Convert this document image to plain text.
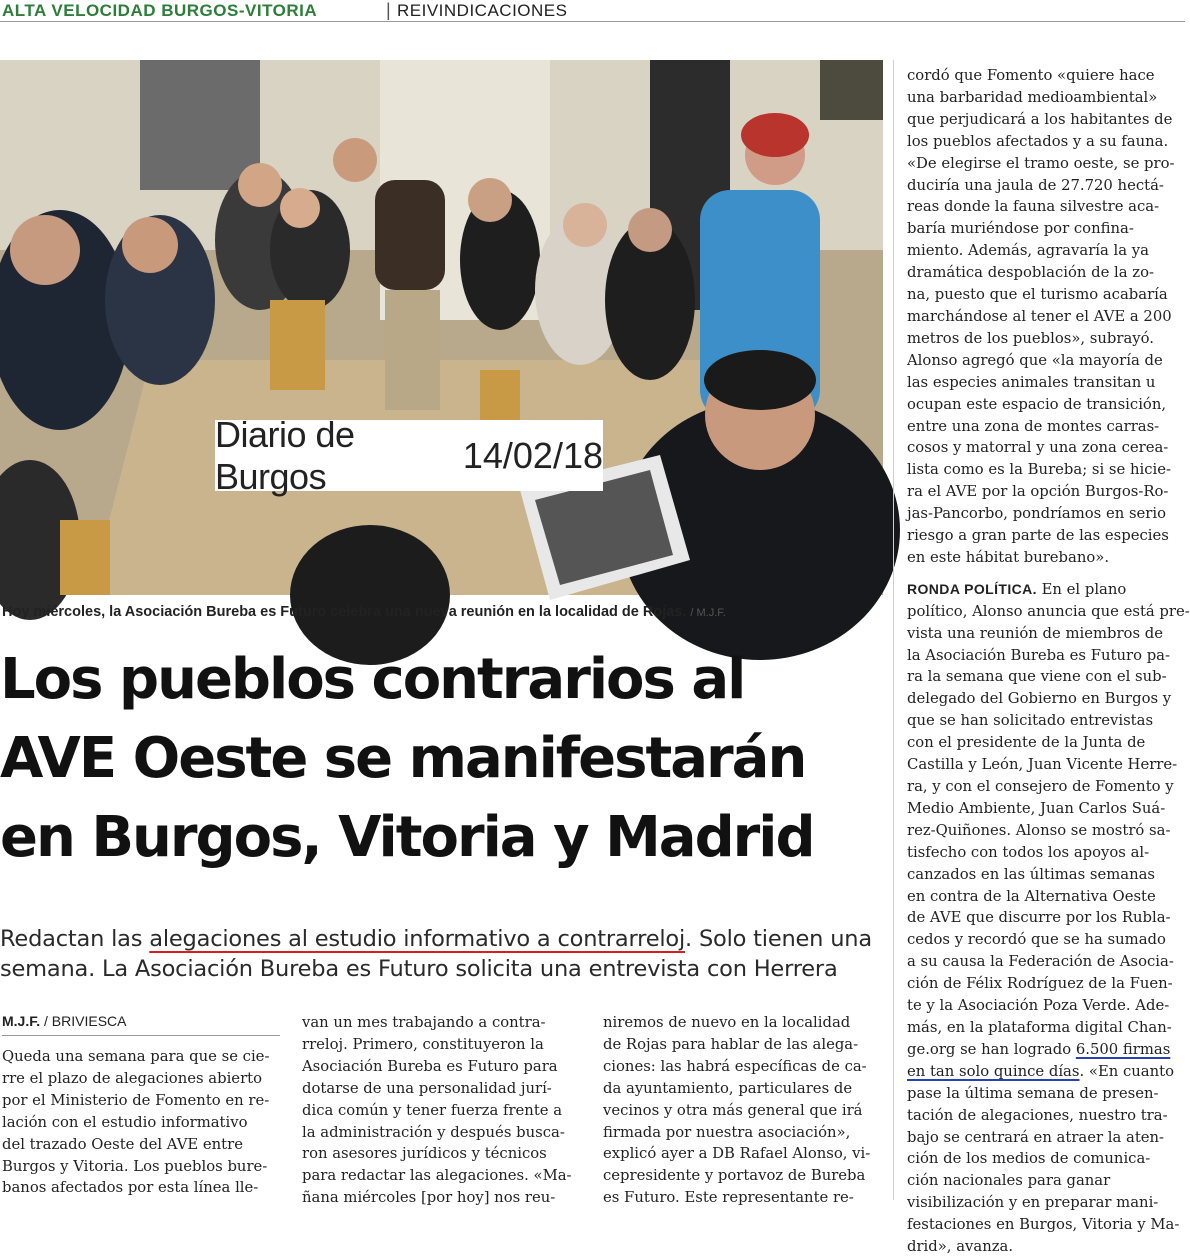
ALTA VELOCIDAD BURGOS-VITORIA	| REIVINDICACIONES
Diario de Burgos
14/02/18
Hoy miércoles, la Asociación Bureba es Futuro celebra una nueva reunión en la localidad de Rojas. / M.J.F.
Los pueblos contrarios al
AVE Oeste se manifestarán
en Burgos, Vitoria y Madrid
Redactan las alegaciones al estudio informativo a contrarreloj. Solo tienen una
semana. La Asociación Bureba es Futuro solicita una entrevista con Herrera
M.J.F. / BRIVIESCA
Queda una semana para que se cie-
rre el plazo de alegaciones abierto
por el Ministerio de Fomento en re-
lación con el estudio informativo
del trazado Oeste del AVE entre
Burgos y Vitoria. Los pueblos bure-
banos afectados por esta línea lle-
van un mes trabajando a contra-
rreloj. Primero, constituyeron la
Asociación Bureba es Futuro para
dotarse de una personalidad jurí-
dica común y tener fuerza frente a
la administración y después busca-
ron asesores jurídicos y técnicos
para redactar las alegaciones. «Ma-
ñana miércoles [por hoy] nos reu-
niremos de nuevo en la localidad
de Rojas para hablar de las alega-
ciones: las habrá específicas de ca-
da ayuntamiento, particulares de
vecinos y otra más general que irá
firmada por nuestra asociación»,
explicó ayer a DB Rafael Alonso, vi-
cepresidente y portavoz de Bureba
es Futuro. Este representante re-
cordó que Fomento «quiere hace
una barbaridad medioambiental»
que perjudicará a los habitantes de
los pueblos afectados y a su fauna.
«De elegirse el tramo oeste, se pro-
duciría una jaula de 27.720 hectá-
reas donde la fauna silvestre aca-
baría muriéndose por confina-
miento. Además, agravaría la ya
dramática despoblación de la zo-
na, puesto que el turismo acabaría
marchándose al tener el AVE a 200
metros de los pueblos», subrayó.
Alonso agregó que «la mayoría de
las especies animales transitan u
ocupan este espacio de transición,
entre una zona de montes carras-
cosos y matorral y una zona cerea-
lista como es la Bureba; si se hicie-
ra el AVE por la opción Burgos-Ro-
jas-Pancorbo, pondríamos en serio
riesgo a gran parte de las especies
en este hábitat burebano».
RONDA POLÍTICA. En el plano
político, Alonso anuncia que está pre-
vista una reunión de miembros de
la Asociación Bureba es Futuro pa-
ra la semana que viene con el sub-
delegado del Gobierno en Burgos y
que se han solicitado entrevistas
con el presidente de la Junta de
Castilla y León, Juan Vicente Herre-
ra, y con el consejero de Fomento y
Medio Ambiente, Juan Carlos Suá-
rez-Quiñones. Alonso se mostró sa-
tisfecho con todos los apoyos al-
canzados en las últimas semanas
en contra de la Alternativa Oeste
de AVE que discurre por los Rubla-
cedos y recordó que se ha sumado
a su causa la Federación de Asocia-
ción de Félix Rodríguez de la Fuen-
te y la Asociación Poza Verde. Ade-
más, en la plataforma digital Chan-
ge.org se han logrado 6.500 firmas
en tan solo quince días. «En cuanto
pase la última semana de presen-
tación de alegaciones, nuestro tra-
bajo se centrará en atraer la aten-
ción de los medios de comunica-
ción nacionales para ganar
visibilización y en preparar mani-
festaciones en Burgos, Vitoria y Ma-
drid», avanza.
